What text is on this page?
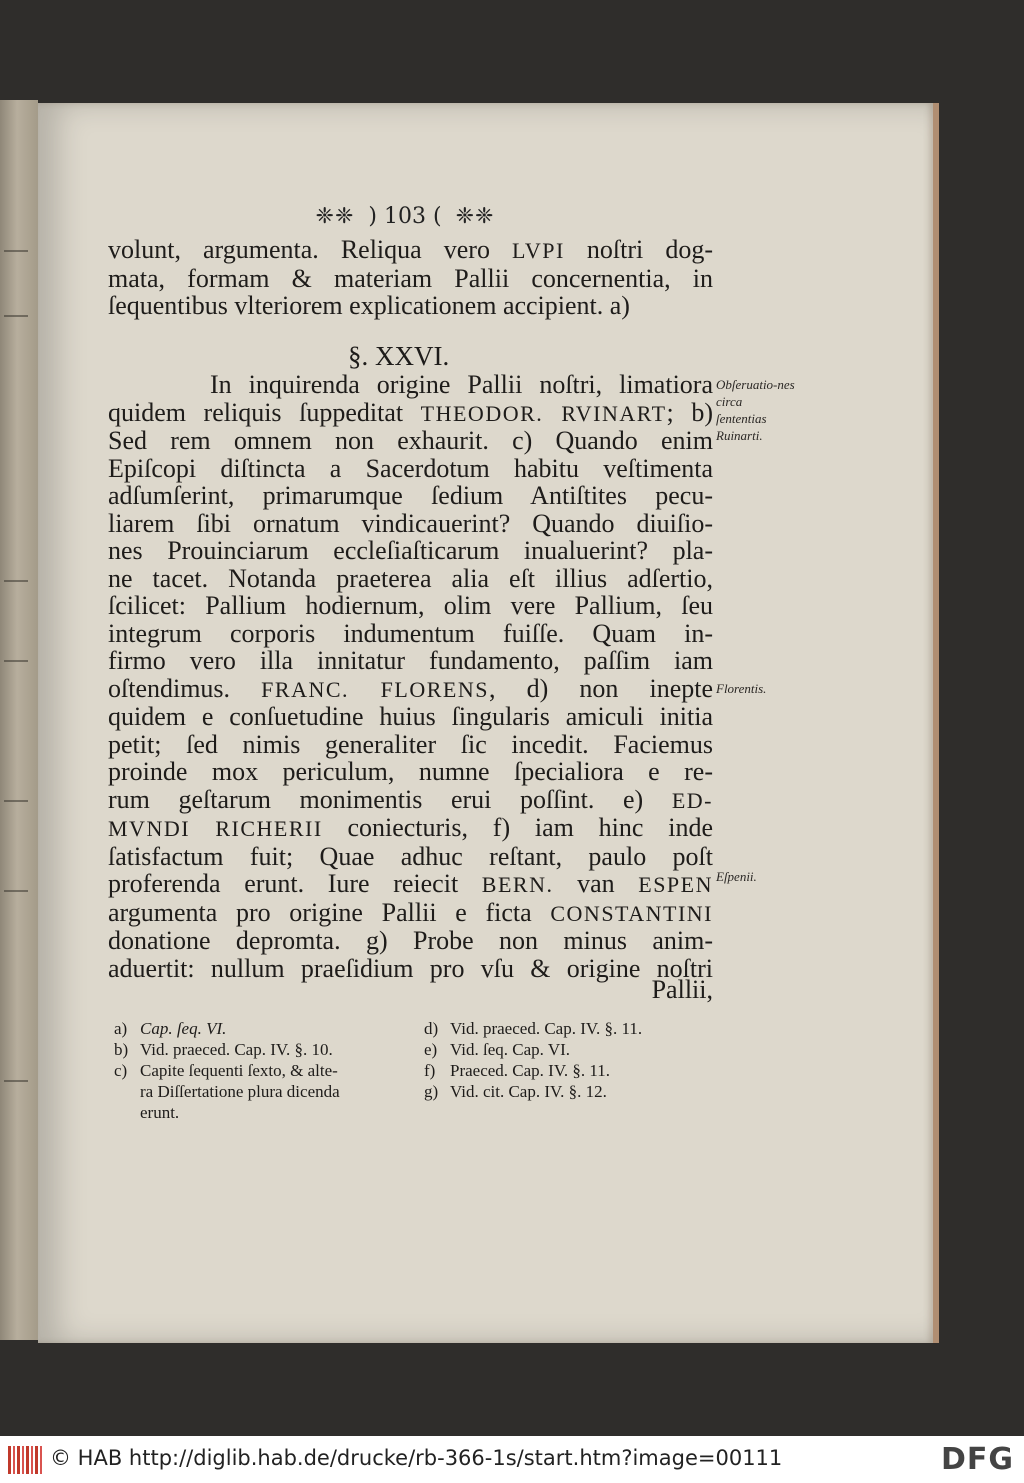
❈❈ ) 103 ( ❈❈
volunt, argumenta. Reliqua vero LVPI noſtri dog-
mata, formam & materiam Pallii concernentia, in
ſequentibus vlteriorem explicationem accipient. a)
§. XXVI.
In inquirenda origine Pallii noſtri, limatiora
quidem reliquis ſuppeditat THEODOR. RVINART; b)
Sed rem omnem non exhaurit. c) Quando enim
Epiſcopi diſtincta a Sacerdotum habitu veſtimenta
adſumſerint, primarumque ſedium Antiſtites pecu-
liarem ſibi ornatum vindicauerint? Quando diuiſio-
nes Prouinciarum eccleſiaſticarum inualuerint? pla-
ne tacet. Notanda praeterea alia eſt illius adſertio,
ſcilicet: Pallium hodiernum, olim vere Pallium, ſeu
integrum corporis indumentum fuiſſe. Quam in-
firmo vero illa innitatur fundamento, paſſim iam
oſtendimus. FRANC. FLORENS, d) non inepte
quidem e conſuetudine huius ſingularis amiculi initia
petit; ſed nimis generaliter ſic incedit. Faciemus
proinde mox periculum, numne ſpecialiora e re-
rum geſtarum monimentis erui poſſint. e) ED-
MVNDI RICHERII coniecturis, f) iam hinc inde
ſatisfactum fuit; Quae adhuc reſtant, paulo poſt
proferenda erunt. Iure reiecit BERN. van ESPEN
argumenta pro origine Pallii e ficta CONSTANTINI
donatione depromta. g) Probe non minus anim-
aduertit: nullum praeſidium pro vſu & origine noſtri
Pallii,
Obſeruatio-nes circa ſententias Ruinarti.
Florentis.
Eſpenii.
a) Cap. ſeq. VI.
b) Vid. praeced. Cap. IV. §. 10.
c) Capite ſequenti ſexto, & alte-
ra Diſſertatione plura dicenda
erunt.
d) Vid. praeced. Cap. IV. §. 11.
e) Vid. ſeq. Cap. VI.
f) Praeced. Cap. IV. §. 11.
g) Vid. cit. Cap. IV. §. 12.
© HAB http://diglib.hab.de/drucke/rb-366-1s/start.htm?image=00111	DFG
